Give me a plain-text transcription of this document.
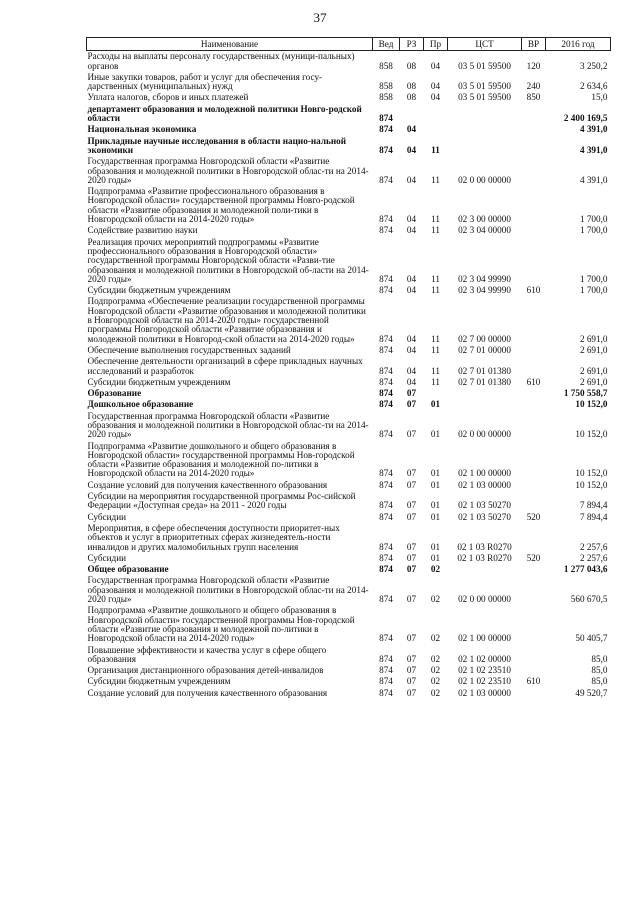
37
Наименование	Вед	РЗ	Пр	ЦСТ	ВР	2016 год
Расходы на выплаты персоналу государственных (муници-пальных) органов	858	08	04	03 5 01 59500	120	3 250,2
Иные закупки товаров, работ и услуг для обеспечения госу-дарственных (муниципальных) нужд	858	08	04	03 5 01 59500	240	2 634,6
Уплата налогов, сборов и иных платежей	858	08	04	03 5 01 59500	850	15,0
департамент образования и молодежной политики Новго-родской области	874					2 400 169,5
Национальная экономика	874	04				4 391,0
Прикладные научные исследования в области нацио-нальной экономики	874	04	11			4 391,0
Государственная программа Новгородской области «Развитие образования и молодежной политики в Новгородской облас-ти на 2014-2020 годы»	874	04	11	02 0 00 00000		4 391,0
Подпрограмма «Развитие профессионального образования в Новгородской области» государственной программы Новго-родской области «Развитие образования и молодежной поли-тики в Новгородской области на 2014-2020 годы»	874	04	11	02 3 00 00000		1 700,0
Содействие развитию науки	874	04	11	02 3 04 00000		1 700,0
Реализация прочих мероприятий подпрограммы «Развитие профессионального образования в Новгородской области» государственной программы Новгородской области «Разви-тие образования и молодежной политики в Новгородской об-ласти на 2014-2020 годы»	874	04	11	02 3 04 99990		1 700,0
Субсидии бюджетным учреждениям	874	04	11	02 3 04 99990	610	1 700,0
Подпрограмма «Обеспечение реализации государственной программы Новгородской области «Развитие образования и молодежной политики в Новгородской области на 2014-2020 годы» государственной программы Новгородской области «Развитие образования и молодежной политики в Новгород-ской области на 2014-2020 годы»	874	04	11	02 7 00 00000		2 691,0
Обеспечение выполнения государственных заданий	874	04	11	02 7 01 00000		2 691,0
Обеспечение деятельности организаций в сфере прикладных научных исследований и разработок	874	04	11	02 7 01 01380		2 691,0
Субсидии бюджетным учреждениям	874	04	11	02 7 01 01380	610	2 691,0
Образование	874	07				1 750 558,7
Дошкольное образование	874	07	01			10 152,0
Государственная программа Новгородской области «Развитие образования и молодежной политики в Новгородской облас-ти на 2014-2020 годы»	874	07	01	02 0 00 00000		10 152,0
Подпрограмма «Развитие дошкольного и общего образования в Новгородской области» государственной программы Нов-городской области «Развитие образования и молодежной по-литики в Новгородской области на 2014-2020 годы»	874	07	01	02 1 00 00000		10 152,0
Создание условий для получения качественного образования	874	07	01	02 1 03 00000		10 152,0
Субсидии на мероприятия государственной программы Рос-сийской Федерации «Доступная среда» на 2011 - 2020 годы	874	07	01	02 1 03 50270		7 894,4
Субсидии	874	07	01	02 1 03 50270	520	7 894,4
Мероприятия, в сфере обеспечения доступности приоритет-ных объектов и услуг в приоритетных сферах жизнедеятель-ности инвалидов и других маломобильных групп населения	874	07	01	02 1 03 R0270		2 257,6
Субсидии	874	07	01	02 1 03 R0270	520	2 257,6
Общее образование	874	07	02			1 277 043,6
Государственная программа Новгородской области «Развитие образования и молодежной политики в Новгородской облас-ти на 2014-2020 годы»	874	07	02	02 0 00 00000		560 670,5
Подпрограмма «Развитие дошкольного и общего образования в Новгородской области» государственной программы Нов-городской области «Развитие образования и молодежной по-литики в Новгородской области на 2014-2020 годы»	874	07	02	02 1 00 00000		50 405,7
Повышение эффективности и качества услуг в сфере общего образования	874	07	02	02 1 02 00000		85,0
Организация дистанционного образования детей-инвалидов	874	07	02	02 1 02 23510		85,0
Субсидии бюджетным учреждениям	874	07	02	02 1 02 23510	610	85,0
Создание условий для получения качественного образования	874	07	02	02 1 03 00000		49 520,7
